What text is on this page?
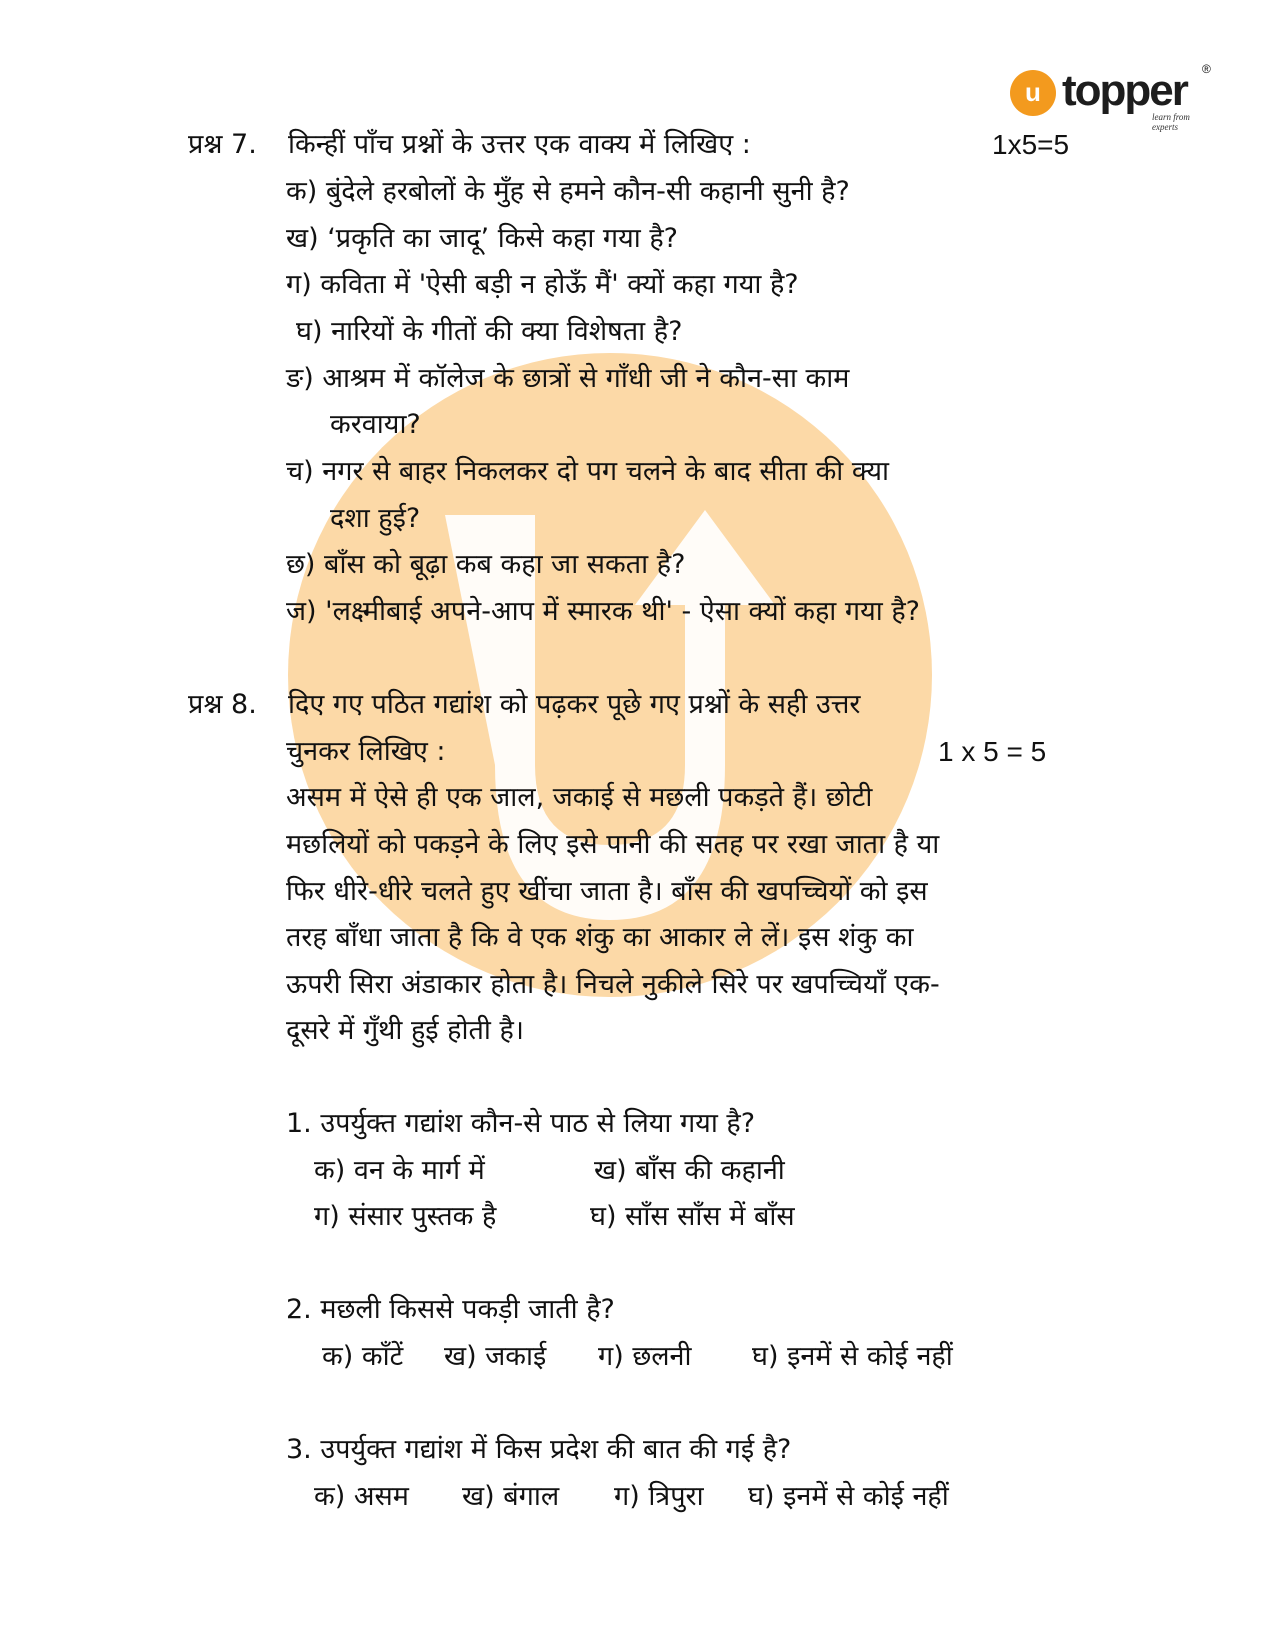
u topper ®
learn from experts
प्रश्न 7. किन्हीं पाँच प्रश्नों के उत्तर एक वाक्य में लिखिए :	1x5=5
क) बुंदेले हरबोलों के मुँह से हमने कौन-सी कहानी सुनी है?
ख) ‘प्रकृति का जादू’ किसे कहा गया है?
ग) कविता में 'ऐसी बड़ी न होऊँ मैं' क्यों कहा गया है?
घ) नारियों के गीतों की क्या विशेषता है?
ङ) आश्रम में कॉलेज के छात्रों से गाँधी जी ने कौन-सा काम
करवाया?
च) नगर से बाहर निकलकर दो पग चलने के बाद सीता की क्या
दशा हुई?
छ) बाँस को बूढ़ा कब कहा जा सकता है?
ज) 'लक्ष्मीबाई अपने-आप में स्मारक थी' - ऐसा क्यों कहा गया है?
प्रश्न 8. दिए गए पठित गद्यांश को पढ़कर पूछे गए प्रश्नों के सही उत्तर
चुनकर लिखिए :	1 x 5 = 5
असम में ऐसे ही एक जाल, जकाई से मछली पकड़ते हैं। छोटी
मछलियों को पकड़ने के लिए इसे पानी की सतह पर रखा जाता है या
फिर धीरे-धीरे चलते हुए खींचा जाता है। बाँस की खपच्चियों को इस
तरह बाँधा जाता है कि वे एक शंकु का आकार ले लें। इस शंकु का
ऊपरी सिरा अंडाकार होता है। निचले नुकीले सिरे पर खपच्चियाँ एक-
दूसरे में गुँथी हुई होती है।
1. उपर्युक्त गद्यांश कौन-से पाठ से लिया गया है?
क) वन के मार्ग में	ख) बाँस की कहानी
ग) संसार पुस्तक है	घ) साँस साँस में बाँस
2. मछली किससे पकड़ी जाती है?
क) काँटें ख) जकाई ग) छलनी घ) इनमें से कोई नहीं
3. उपर्युक्त गद्यांश में किस प्रदेश की बात की गई है?
क) असम ख) बंगाल ग) त्रिपुरा घ) इनमें से कोई नहीं
